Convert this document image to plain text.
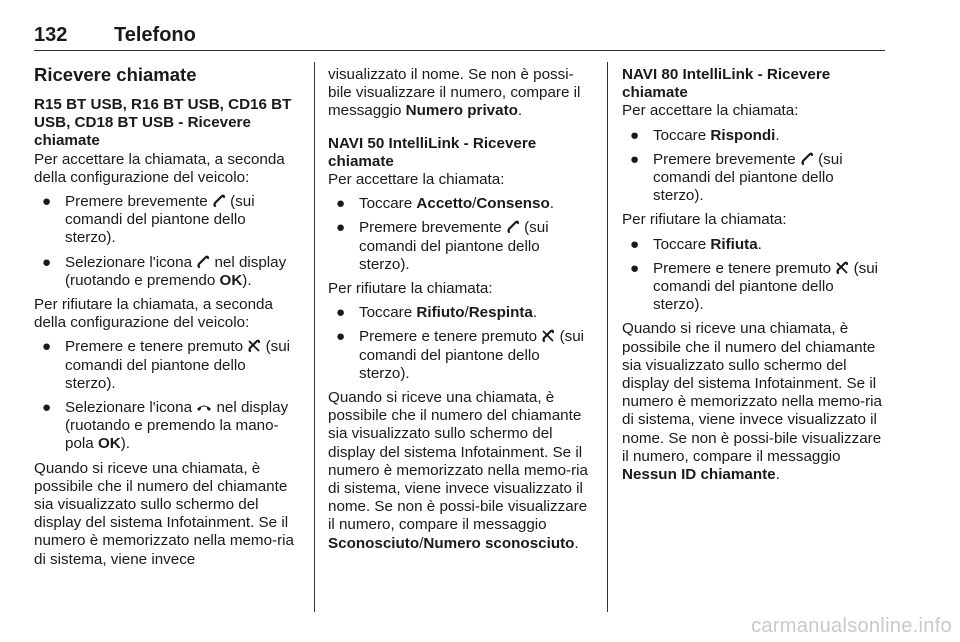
132 Telefono
Ricevere chiamate
R15 BT USB, R16 BT USB, CD16 BT USB, CD18 BT USB - Ricevere chiamate

Per accettare la chiamata, a seconda della configurazione del veicolo:

● Premere brevemente  (sui comandi del piantone dello sterzo).
● Selezionare l'icona  nel display (ruotando e premendo OK).

Per rifiutare la chiamata, a seconda della configurazione del veicolo:

● Premere e tenere premuto  (sui comandi del piantone dello sterzo).
● Selezionare l'icona  nel display (ruotando e premendo la mano-pola OK).

Quando si riceve una chiamata, è possibile che il numero del chiamante sia visualizzato sullo schermo del display del sistema Infotainment. Se il numero è memorizzato nella memo-ria di sistema, viene invece

visualizzato il nome. Se non è possi-bile visualizzare il numero, compare il messaggio Numero privato.

NAVI 50 IntelliLink - Ricevere chiamate

Per accettare la chiamata:

● Toccare Accetto/Consenso.
● Premere brevemente  (sui comandi del piantone dello sterzo).

Per rifiutare la chiamata:

● Toccare Rifiuto/Respinta.
● Premere e tenere premuto  (sui comandi del piantone dello sterzo).

Quando si riceve una chiamata, è possibile che il numero del chiamante sia visualizzato sullo schermo del display del sistema Infotainment. Se il numero è memorizzato nella memo-ria di sistema, viene invece visualizzato il nome. Se non è possi-bile visualizzare il numero, compare il messaggio Sconosciuto/Numero sconosciuto.

NAVI 80 IntelliLink - Ricevere chiamate

Per accettare la chiamata:

● Toccare Rispondi.
● Premere brevemente  (sui comandi del piantone dello sterzo).

Per rifiutare la chiamata:

● Toccare Rifiuta.
● Premere e tenere premuto  (sui comandi del piantone dello sterzo).

Quando si riceve una chiamata, è possibile che il numero del chiamante sia visualizzato sullo schermo del display del sistema Infotainment. Se il numero è memorizzato nella memo-ria di sistema, viene invece visualizzato il nome. Se non è possi-bile visualizzare il numero, compare il messaggio Nessun ID chiamante.

carmanualsonline.info
